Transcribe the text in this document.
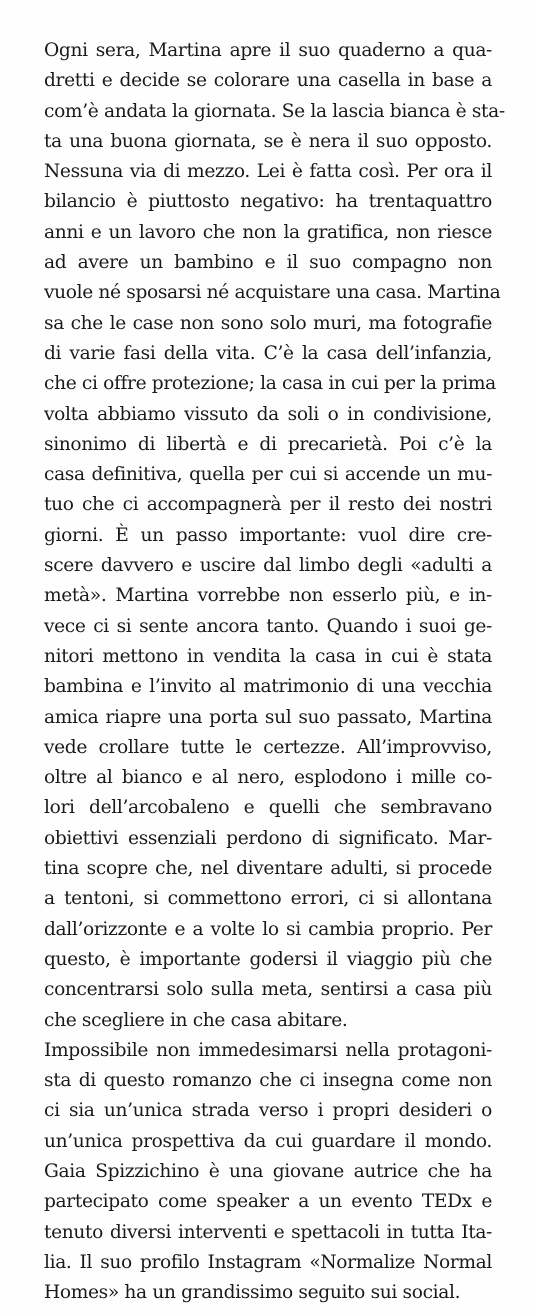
Ogni sera, Martina apre il suo quaderno a qua-
dretti e decide se colorare una casella in base a
com’è andata la giornata. Se la lascia bianca è sta-
ta una buona giornata, se è nera il suo opposto.
Nessuna via di mezzo. Lei è fatta così. Per ora il
bilancio è piuttosto negativo: ha trentaquattro
anni e un lavoro che non la gratifica, non riesce
ad avere un bambino e il suo compagno non
vuole né sposarsi né acquistare una casa. Martina
sa che le case non sono solo muri, ma fotografie
di varie fasi della vita. C’è la casa dell’infanzia,
che ci offre protezione; la casa in cui per la prima
volta abbiamo vissuto da soli o in condivisione,
sinonimo di libertà e di precarietà. Poi c’è la
casa definitiva, quella per cui si accende un mu-
tuo che ci accompagnerà per il resto dei nostri
giorni. È un passo importante: vuol dire cre-
scere davvero e uscire dal limbo degli «adulti a
metà». Martina vorrebbe non esserlo più, e in-
vece ci si sente ancora tanto. Quando i suoi ge-
nitori mettono in vendita la casa in cui è stata
bambina e l’invito al matrimonio di una vecchia
amica riapre una porta sul suo passato, Martina
vede crollare tutte le certezze. All’improvviso,
oltre al bianco e al nero, esplodono i mille co-
lori dell’arcobaleno e quelli che sembravano
obiettivi essenziali perdono di significato. Mar-
tina scopre che, nel diventare adulti, si procede
a tentoni, si commettono errori, ci si allontana
dall’orizzonte e a volte lo si cambia proprio. Per
questo, è importante godersi il viaggio più che
concentrarsi solo sulla meta, sentirsi a casa più
che scegliere in che casa abitare.
Impossibile non immedesimarsi nella protagoni-
sta di questo romanzo che ci insegna come non
ci sia un’unica strada verso i propri desideri o
un’unica prospettiva da cui guardare il mondo.
Gaia Spizzichino è una giovane autrice che ha
partecipato come speaker a un evento TEDx e
tenuto diversi interventi e spettacoli in tutta Ita-
lia. Il suo profilo Instagram «Normalize Normal
Homes» ha un grandissimo seguito sui social.
